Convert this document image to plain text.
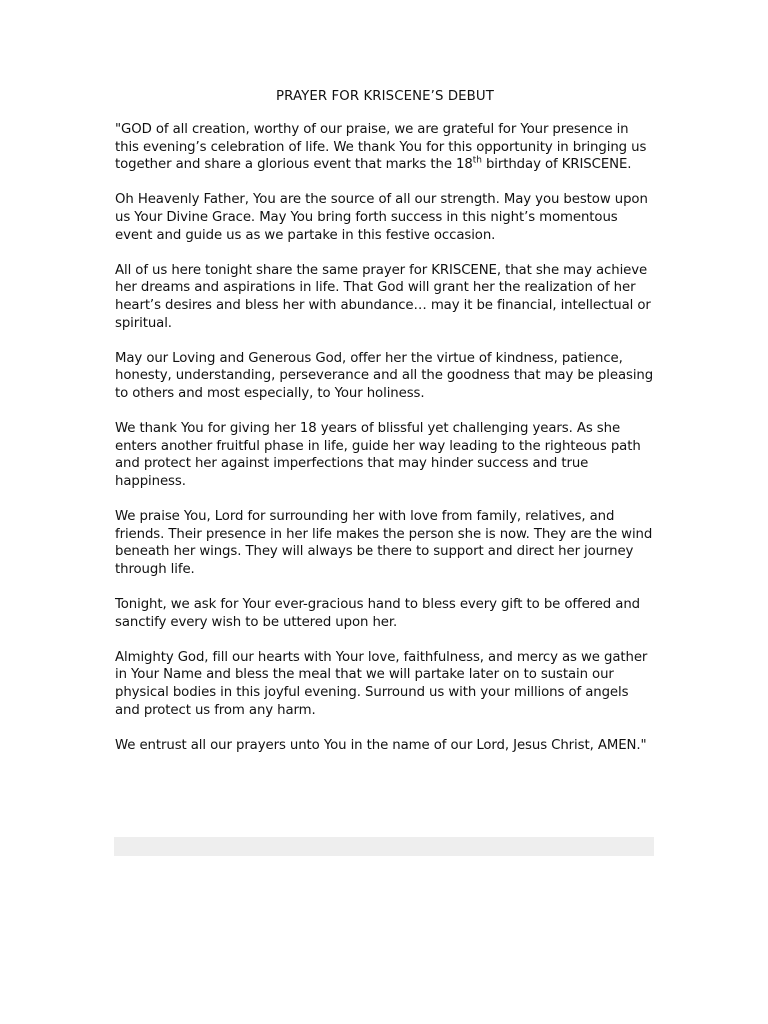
PRAYER FOR KRISCENE’S DEBUT

"GOD of all creation, worthy of our praise, we are grateful for Your presence in this evening’s celebration of life. We thank You for this opportunity in bringing us together and share a glorious event that marks the 18th birthday of KRISCENE.

Oh Heavenly Father, You are the source of all our strength. May you bestow upon us Your Divine Grace. May You bring forth success in this night’s momentous event and guide us as we partake in this festive occasion.

All of us here tonight share the same prayer for KRISCENE, that she may achieve her dreams and aspirations in life. That God will grant her the realization of her heart’s desires and bless her with abundance… may it be financial, intellectual or spiritual.

May our Loving and Generous God, offer her the virtue of kindness, patience, honesty, understanding, perseverance and all the goodness that may be pleasing to others and most especially, to Your holiness.

We thank You for giving her 18 years of blissful yet challenging years. As she enters another fruitful phase in life, guide her way leading to the righteous path and protect her against imperfections that may hinder success and true happiness.

We praise You, Lord for surrounding her with love from family, relatives, and friends. Their presence in her life makes the person she is now. They are the wind beneath her wings. They will always be there to support and direct her journey through life.

Tonight, we ask for Your ever-gracious hand to bless every gift to be offered and sanctify every wish to be uttered upon her.

Almighty God, fill our hearts with Your love, faithfulness, and mercy as we gather in Your Name and bless the meal that we will partake later on to sustain our physical bodies in this joyful evening. Surround us with your millions of angels and protect us from any harm.

We entrust all our prayers unto You in the name of our Lord, Jesus Christ, AMEN."
